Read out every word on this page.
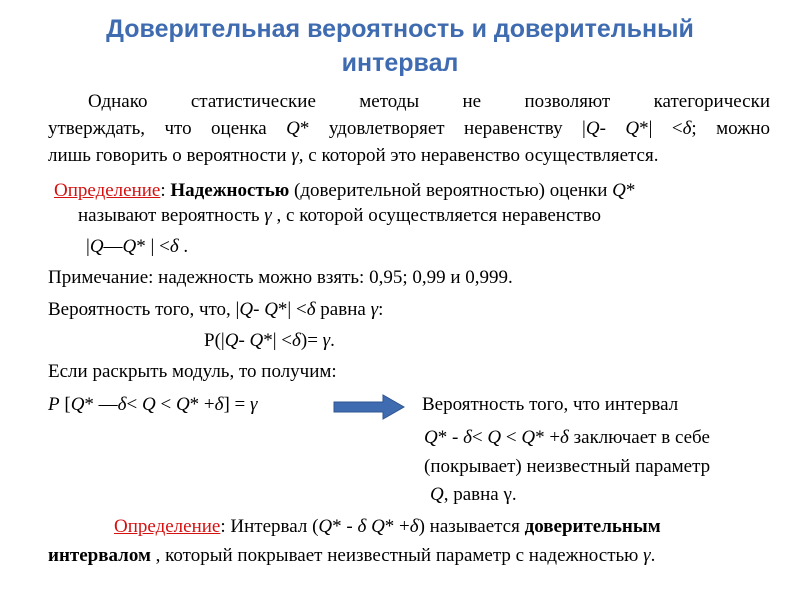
Доверительная вероятность и доверительный
интервал
Однако статистические методы не позволяют категорически
утверждать, что оценка Q* удовлетворяет неравенству |Q- Q*| <δ; можно
лишь говорить о вероятности γ, с которой это неравенство осуществляется.
Определение: Надежностью (доверительной вероятностью) оценки Q*
называют вероятность γ , с которой осуществляется неравенство
|Q—Q* | <δ .
Примечание: надежность можно взять: 0,95; 0,99 и 0,999.
Вероятность того, что, |Q- Q*| <δ равна γ:
P(|Q- Q*| <δ)= γ.
Если раскрыть модуль, то получим:
P [Q* —δ< Q < Q* +δ] = γ	Вероятность того, что интервал
Q* - δ< Q < Q* +δ заключает в себе
(покрывает) неизвестный параметр
Q, равна γ.
Определение: Интервал (Q* - δ Q* +δ) называется доверительным
интервалом , который покрывает неизвестный параметр с надежностью γ.
